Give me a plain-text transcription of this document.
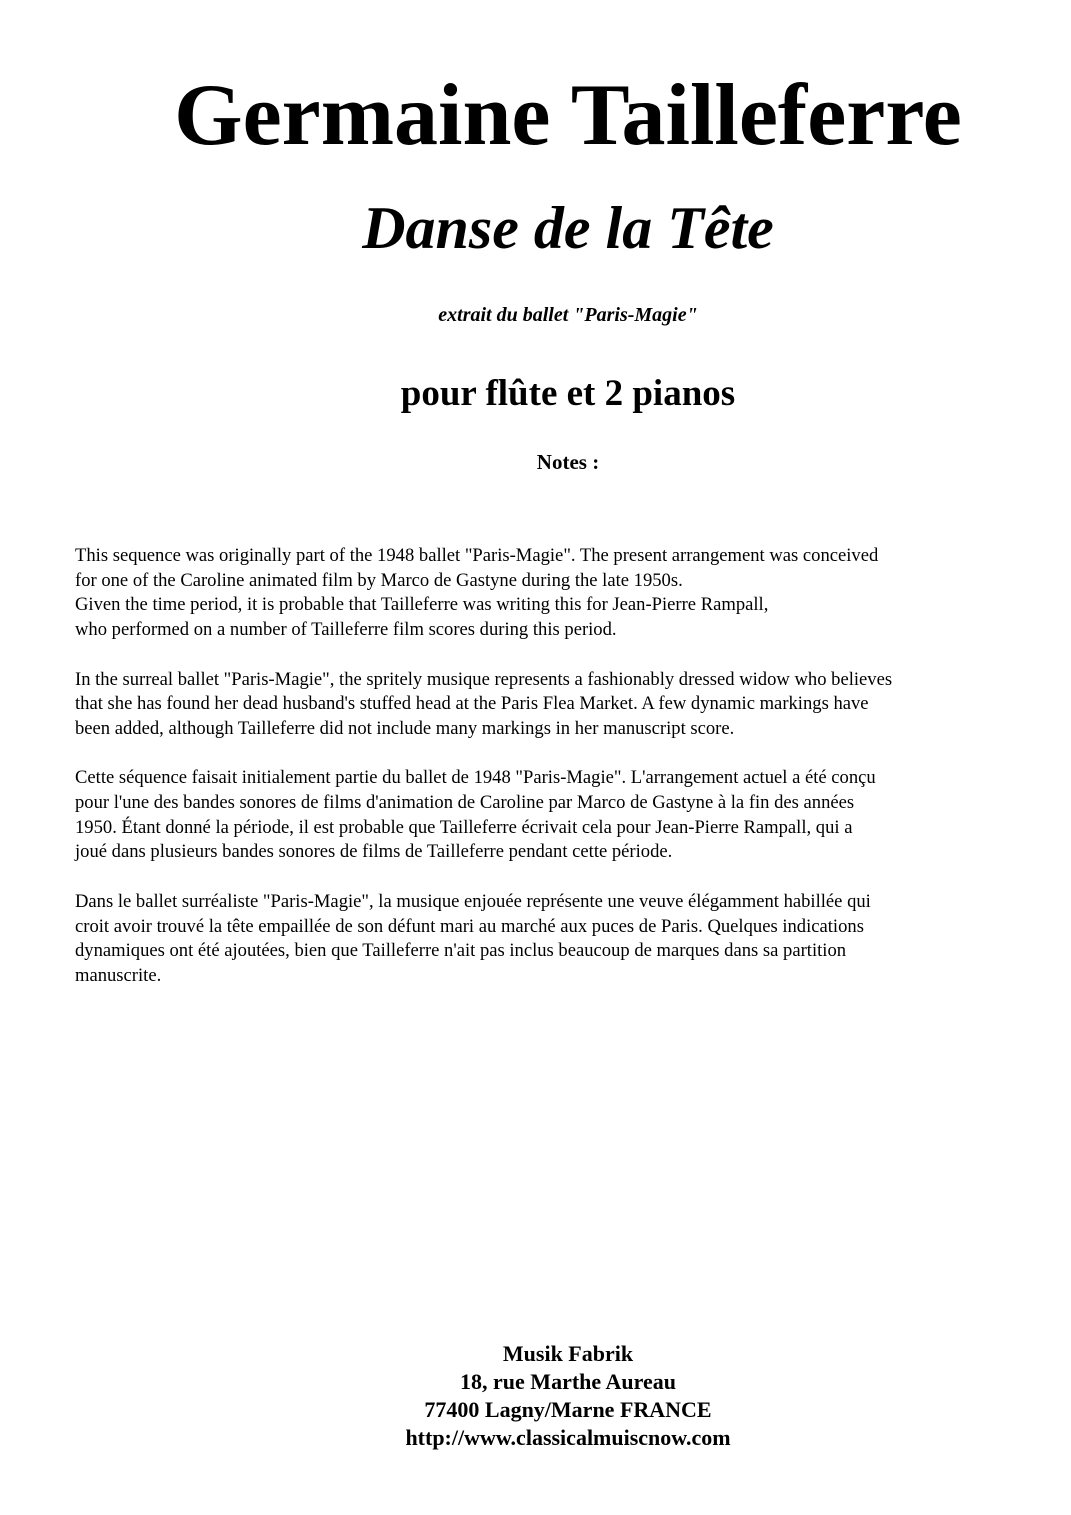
Germaine Tailleferre
Danse de la Tête
extrait du ballet "Paris-Magie"
pour flûte et 2 pianos
Notes :

This sequence was originally part of the 1948 ballet "Paris-Magie". The present arrangement was conceived
for one of the Caroline animated film by Marco de Gastyne during the late 1950s.
Given the time period, it is probable that Tailleferre was writing this for Jean-Pierre Rampall,
who performed on a number of Tailleferre film scores during this period.

In the surreal ballet "Paris-Magie", the spritely musique represents a fashionably dressed widow who believes
that she has found her dead husband's stuffed head at the Paris Flea Market. A few dynamic markings have
been added, although Tailleferre did not include many markings in her manuscript score.

Cette séquence faisait initialement partie du ballet de 1948 "Paris-Magie". L'arrangement actuel a été conçu
pour l'une des bandes sonores de films d'animation de Caroline par Marco de Gastyne à la fin des années
1950. Étant donné la période, il est probable que Tailleferre écrivait cela pour Jean-Pierre Rampall, qui a
joué dans plusieurs bandes sonores de films de Tailleferre pendant cette période.

Dans le ballet surréaliste "Paris-Magie", la musique enjouée représente une veuve élégamment habillée qui
croit avoir trouvé la tête empaillée de son défunt mari au marché aux puces de Paris. Quelques indications
dynamiques ont été ajoutées, bien que Tailleferre n'ait pas inclus beaucoup de marques dans sa partition
manuscrite.

Musik Fabrik
18, rue Marthe Aureau
77400 Lagny/Marne FRANCE
http://www.classicalmuiscnow.com
